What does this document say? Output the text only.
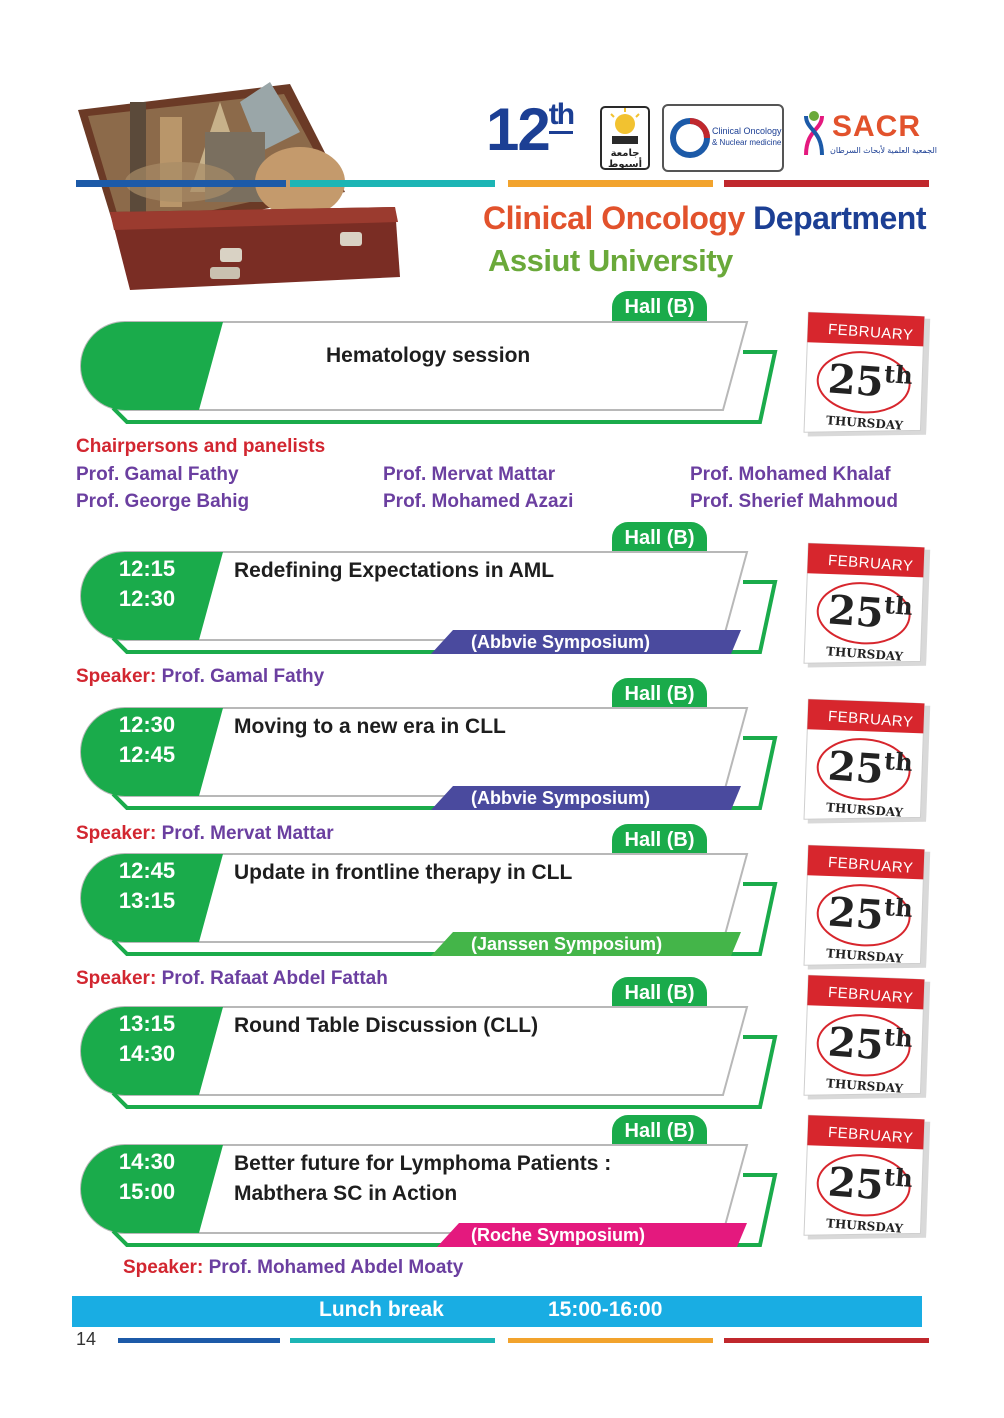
12th
جامعة أسيوط
Clinical Oncology
& Nuclear medicine SACR
الجمعية العلمية لأبحاث السرطان
Clinical Oncology Department
Assiut University
Hall (B)
Hematology session
Chairpersons and panelists
Prof. Gamal Fathy	Prof. Mervat Mattar	Prof. Mohamed Khalaf
Prof. George Bahig	Prof. Mohamed Azazi	Prof. Sherief Mahmoud
Hall (B)
12:15
12:30
Redefining Expectations in AML
(Abbvie Symposium)
Speaker: Prof. Gamal Fathy
Hall (B)
12:30
12:45
Moving to a new era in CLL
(Abbvie Symposium)
Speaker: Prof. Mervat Mattar	Hall (B)
12:45
13:15
Update in frontline therapy in CLL
(Janssen Symposium)
Speaker: Prof. Rafaat Abdel Fattah
Hall (B)
13:15
14:30
Round Table Discussion (CLL)
Hall (B)
14:30
15:00
Better future for Lymphoma Patients :
Mabthera SC in Action
(Roche Symposium)
Speaker: Prof. Mohamed Abdel Moaty
FEBRUARY
25th
THURSDAY
FEBRUARY
25th
THURSDAY
FEBRUARY
25th
THURSDAY
FEBRUARY
25th
THURSDAY
FEBRUARY
25th
THURSDAY
FEBRUARY
25th
THURSDAY
Lunch break	15:00-16:00
14
